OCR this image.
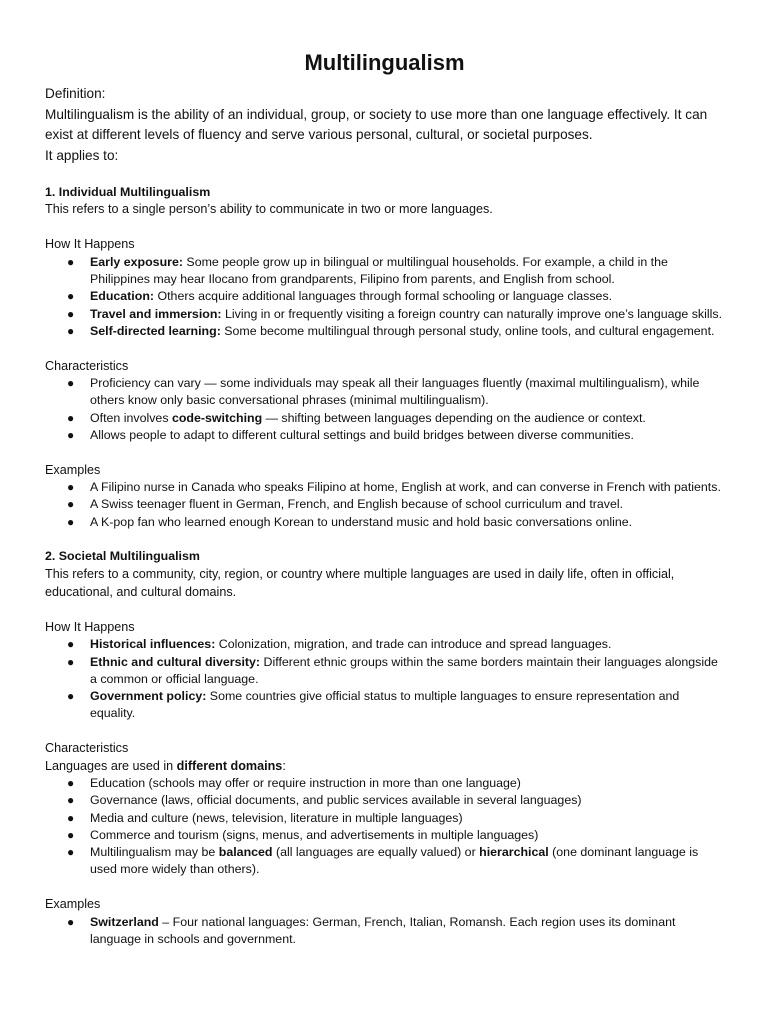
Multilingualism

Definition:

Multilingualism is the ability of an individual, group, or society to use more than one language effectively. It can exist at different levels of fluency and serve various personal, cultural, or societal purposes.

It applies to:

1. Individual Multilingualism

This refers to a single person’s ability to communicate in two or more languages.

How It Happens

● Early exposure: Some people grow up in bilingual or multilingual households. For example, a child in the Philippines may hear Ilocano from grandparents, Filipino from parents, and English from school.
● Education: Others acquire additional languages through formal schooling or language classes.
● Travel and immersion: Living in or frequently visiting a foreign country can naturally improve one’s language skills.
● Self-directed learning: Some become multilingual through personal study, online tools, and cultural engagement.

Characteristics

● Proficiency can vary — some individuals may speak all their languages fluently (maximal multilingualism), while others know only basic conversational phrases (minimal multilingualism).
● Often involves code-switching — shifting between languages depending on the audience or context.
● Allows people to adapt to different cultural settings and build bridges between diverse communities.

Examples

● A Filipino nurse in Canada who speaks Filipino at home, English at work, and can converse in French with patients.
● A Swiss teenager fluent in German, French, and English because of school curriculum and travel.
● A K-pop fan who learned enough Korean to understand music and hold basic conversations online.

2. Societal Multilingualism

This refers to a community, city, region, or country where multiple languages are used in daily life, often in official, educational, and cultural domains.

How It Happens

● Historical influences: Colonization, migration, and trade can introduce and spread languages.
● Ethnic and cultural diversity: Different ethnic groups within the same borders maintain their languages alongside a common or official language.
● Government policy: Some countries give official status to multiple languages to ensure representation and equality.

Characteristics

Languages are used in different domains:

● Education (schools may offer or require instruction in more than one language)
● Governance (laws, official documents, and public services available in several languages)
● Media and culture (news, television, literature in multiple languages)
● Commerce and tourism (signs, menus, and advertisements in multiple languages)
● Multilingualism may be balanced (all languages are equally valued) or hierarchical (one dominant language is used more widely than others).

Examples

● Switzerland – Four national languages: German, French, Italian, Romansh. Each region uses its dominant language in schools and government.
